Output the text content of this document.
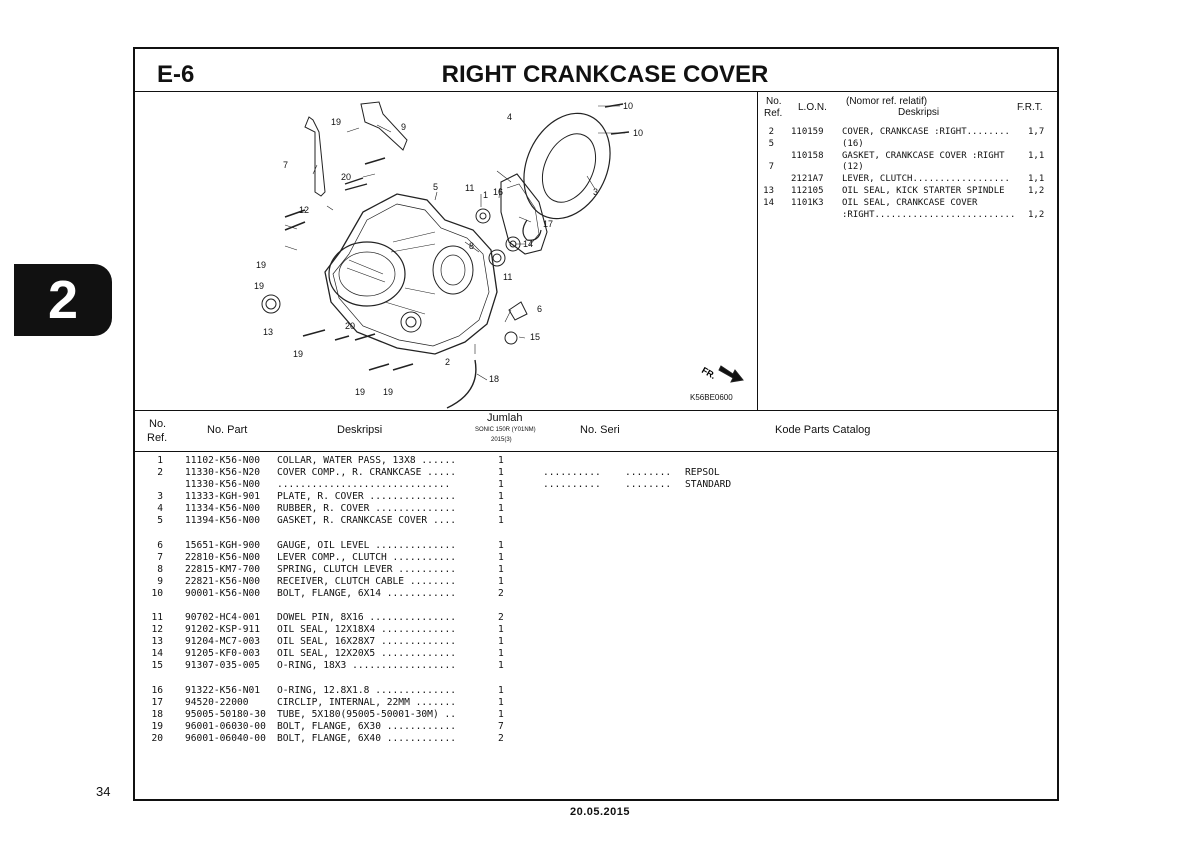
2
34
20.05.2015
E-6	RIGHT CRANKCASE COVER
19	9
4
10
10
7
20
5	11
1 16	3
12
8
17
14
11
19
19
6
15
13
20
19
2
18
19 19
FR.
K56BE0600
No.
Ref.
L.O.N.
(Nomor ref. relatif)
Deskripsi	F.R.T.
2 110159 COVER, CRANKCASE :RIGHT........ 1,7
5	(16)
110158 GASKET, CRANKCASE COVER :RIGHT	1,1
7	(12)
2121A7 LEVER, CLUTCH.................. 1,1
13 112105 OIL SEAL, KICK STARTER SPINDLE	1,2
14 1101K3 OIL SEAL, CRANKCASE COVER
:RIGHT.......................... 1,2
No.
Ref.
No. Part	Deskripsi
Jumlah
SONIC 150R (Y01NM)
2015(3)
No. Seri	Kode Parts Catalog
1 11102-K56-N00 COLLAR, WATER PASS, 13X8 ......	1
2 11330-K56-N20 COVER COMP., R. CRANKCASE .....	1	..........	........ REPSOL
11330-K56-N00 ..............................	1	..........	........ STANDARD
3 11333-KGH-901 PLATE, R. COVER ...............	1
4 11334-K56-N00 RUBBER, R. COVER ..............	1
5 11394-K56-N00 GASKET, R. CRANKCASE COVER ....	1
6 15651-KGH-900 GAUGE, OIL LEVEL ..............	1
7 22810-K56-N00 LEVER COMP., CLUTCH ...........	1
8 22815-KM7-700 SPRING, CLUTCH LEVER ..........	1
9 22821-K56-N00 RECEIVER, CLUTCH CABLE ........	1
10 90001-K56-N00 BOLT, FLANGE, 6X14 ............	2
11 90702-HC4-001 DOWEL PIN, 8X16 ...............	2
12 91202-KSP-911 OIL SEAL, 12X18X4 .............	1
13 91204-MC7-003 OIL SEAL, 16X28X7 .............	1
14 91205-KF0-003 OIL SEAL, 12X20X5 .............	1
15 91307-035-005 O-RING, 18X3 ..................	1
16 91322-K56-N01 O-RING, 12.8X1.8 ..............	1
17 94520-22000	CIRCLIP, INTERNAL, 22MM .......	1
18 95005-50180-30 TUBE, 5X180(95005-50001-30M) ..	1
19 96001-06030-00 BOLT, FLANGE, 6X30 ............	7
20 96001-06040-00 BOLT, FLANGE, 6X40 ............	2
